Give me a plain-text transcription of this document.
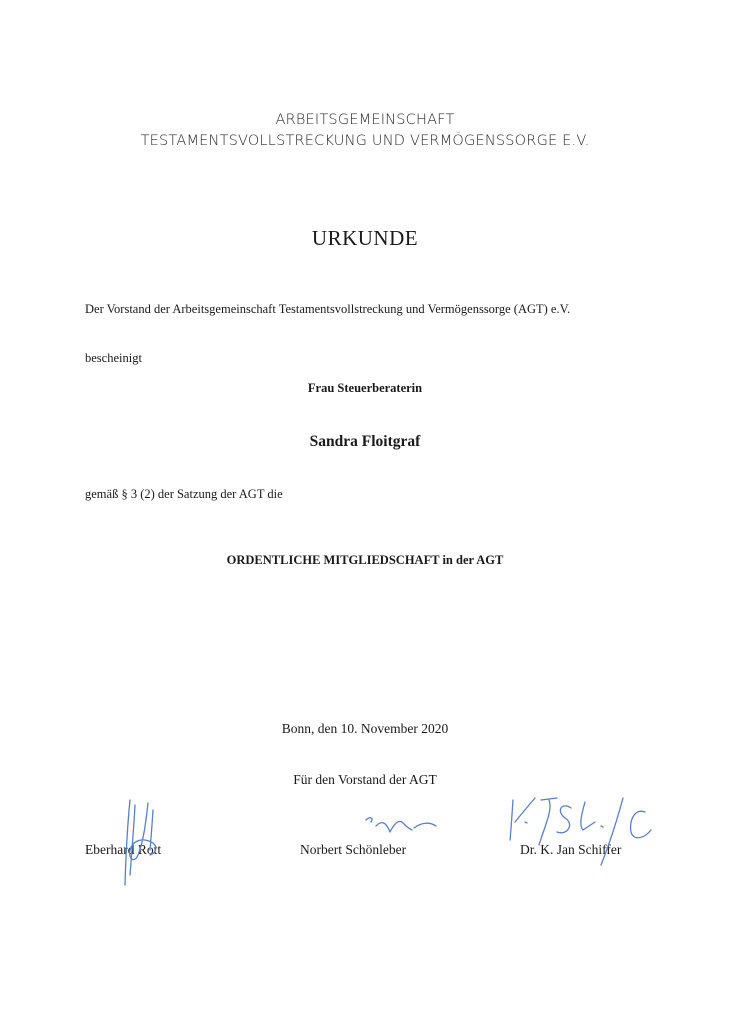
ARBEITSGEMEINSCHAFT
TESTAMENTSVOLLSTRECKUNG UND VERMÖGENSSORGE E.V.
URKUNDE
Der Vorstand der Arbeitsgemeinschaft Testamentsvollstreckung und Vermögenssorge (AGT) e.V.
bescheinigt
Frau Steuerberaterin
Sandra Floitgraf
gemäß § 3 (2) der Satzung der AGT die
ORDENTLICHE MITGLIEDSCHAFT in der AGT
Bonn, den 10. November 2020
Für den Vorstand der AGT
Eberhard Rott	Norbert Schönleber	Dr. K. Jan Schiffer
